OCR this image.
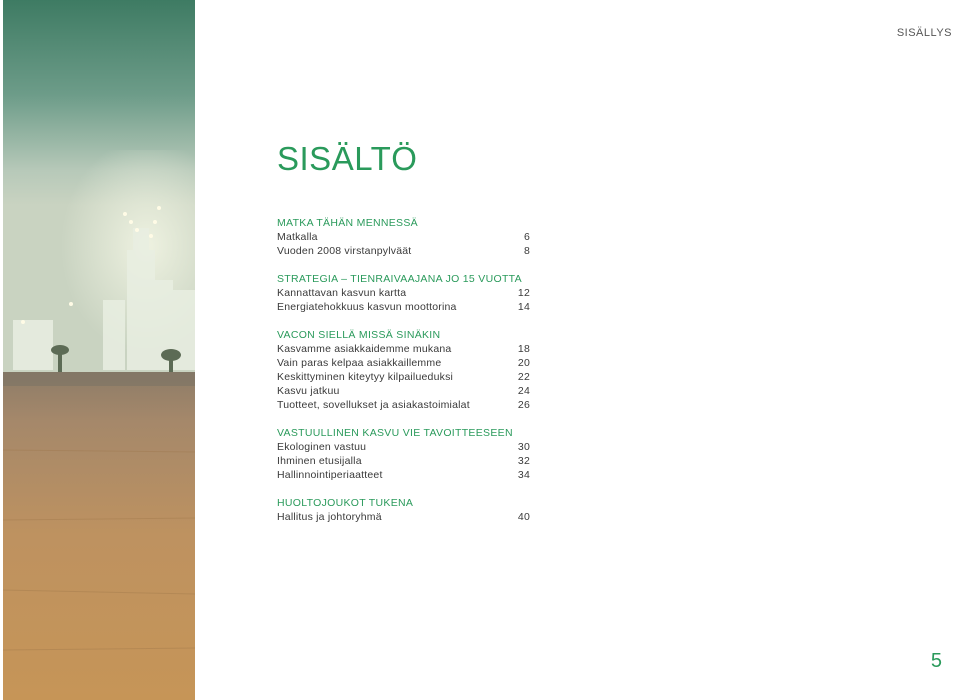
SISÄLLYS
SISÄLTÖ
MATKA TÄHÄN MENNESSÄ
Matkalla	6
Vuoden 2008 virstanpylväät	8
STRATEGIA – TIENRAIVAAJANA JO 15 VUOTTA
Kannattavan kasvun kartta	12
Energiatehokkuus kasvun moottorina	14
VACON SIELLÄ MISSÄ SINÄKIN
Kasvamme asiakkaidemme mukana	18
Vain paras kelpaa asiakkaillemme	20
Keskittyminen kiteytyy kilpailueduksi	22
Kasvu jatkuu	24
Tuotteet, sovellukset ja asiakastoimialat	26
VASTUULLINEN KASVU VIE TAVOITTEESEEN
Ekologinen vastuu	30
Ihminen etusijalla	32
Hallinnointiperiaatteet	34
HUOLTOJOUKOT TUKENA
Hallitus ja johtoryhmä	40
5
